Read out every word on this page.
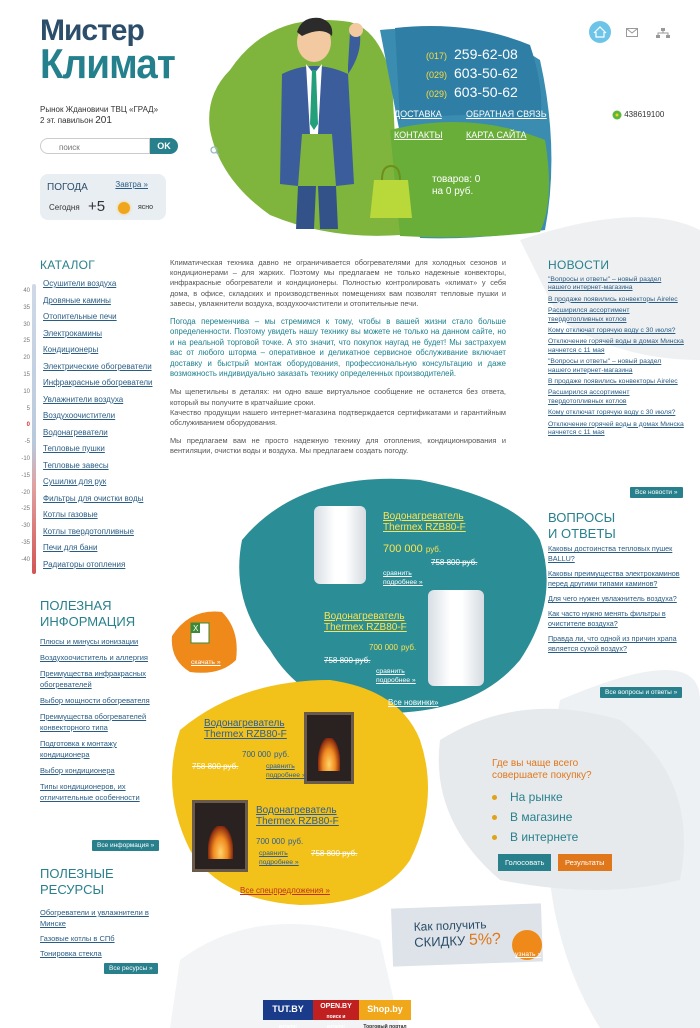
Мистер
Климат
Рынок Ждановичи ТВЦ «ГРАД»
2 эт. павильон 201
поиск
OK
ПОГОДА	Завтра »
Сегодня +5	ясно
(017) 259-62-08
(029) 603-50-62
(029) 603-50-62
ДОСТАВКА	ОБРАТНАЯ СВЯЗЬ
КОНТАКТЫ	КАРТА САЙТА
438619100
товаров: 0
на 0 руб.
КАТАЛОГ
40
35
30
25
20
15
10
5
0
-5
-10
-15
-20
-25
-30
-35
-40
Осушители воздуха
Дровяные камины
Отопительные печи
Электрокамины
Кондиционеры
Электрические обогреватели
Инфракрасные обогреватели
Увлажнители воздуха
Воздухоочистители
Водонагреватели
Тепловые пушки
Тепловые завесы
Сушилки для рук
Фильтры для очистки воды
Котлы газовые
Котлы твердотопливные
Печи для бани
Радиаторы отопления
ПОЛЕЗНАЯ
ИНФОРМАЦИЯ
Плюсы и минусы ионизации
Воздухоочиститель и аллергия
Преимущества инфракрасных обогревателей
Выбор мощности обогревателя
Преимущества обогревателей конвекторного типа
Подготовка к монтажу кондиционера
Выбор кондиционера
Типы кондиционеров, их отличительные особенности
Все информация »
ПОЛЕЗНЫЕ
РЕСУРСЫ
Обогреватели и увлажнители в Минске
Газовые котлы в СПб
Тонировка стекла
Все ресурсы »

Климатическая техника давно не ограничивается обогревателями для холодных сезонов и кондиционерами – для жарких. Поэтому мы предлагаем не только надежные конвекторы, инфракрасные обогреватели и кондиционеры. Полностью контролировать «климат» у себя дома, в офисе, складских и производственных помещениях вам позволят тепловые пушки и завесы, увлажнители воздуха, воздухоочистители и отопительные печи.

Погода переменчива – мы стремимся к тому, чтобы в вашей жизни стало больше определенности. Поэтому увидеть нашу технику вы можете не только на данном сайте, но и на реальной торговой точке. А это значит, что покупок наугад не будет! Мы застрахуем вас от любого шторма – оперативное и деликатное сервисное обслуживание включает доставку и быстрый монтаж оборудования, профессиональную консультацию и даже возможность индивидуально заказать технику определенных производителей.

Мы щепетильны в деталях: ни одно ваше виртуальное сообщение не останется без ответа, который вы получите в кратчайшие сроки.
Качество продукции нашего интернет-магазина подтверждается сертификатами и гарантийным обслуживанием оборудования.

Мы предлагаем вам не просто надежную технику для отопления, кондиционирования и вентиляции, очистки воды и воздуха. Мы предлагаем создать погоду.

НОВОСТИ
"Вопросы и ответы" – новый раздел нашего интернет-магазина
В продаже появились конвекторы Airelec
Расширился ассортимент твердотопливных котлов
Кому отключат горячую воду с 30 июля?
Отключение горячей воды в домах Минска начнется с 11 мая
"Вопросы и ответы" – новый раздел нашего интернет-магазина
В продаже появились конвекторы Airelec
Расширился ассортимент твердотопливных котлов
Кому отключат горячую воду с 30 июля?
Отключение горячей воды в домах Минска начнется с 11 мая
Все новости »
ВОПРОСЫ
И ОТВЕТЫ
Каковы достоинства тепловых пушек BALLU?
Каковы преимущества электрокаминов перед другими типами каминов?
Для чего нужен увлажнитель воздуха?
Как часто нужно менять фильтры в очистителе воздуха?
Правда ли, что одной из причин храпа является сухой воздух?
Все вопросы и ответы »
Водонагреватель
Thermex RZB80-F
700 000 руб.
758 800 руб.
сравнить
подробнее »
Водонагреватель
Thermex RZB80-F
700 000 руб.
758 800 руб.
сравнить
подробнее »
Все новинки»
X
скачать »
Водонагреватель
Thermex RZB80-F
700 000 руб.
758 800 руб.	сравнить
подробнее »
Водонагреватель
Thermex RZB80-F
700 000 руб.
758 800 руб.
сравнить
подробнее »
Все спецпредложения »
Где вы чаще всего совершаете покупку?
На рынке
В магазине
В интернете
Голосовать	Результаты
Как получить
СКИДКУ 5%?
узнать »
TUT.BY
каталогOPEN.BY
поиск и каталогShop.by
Торговый портал
